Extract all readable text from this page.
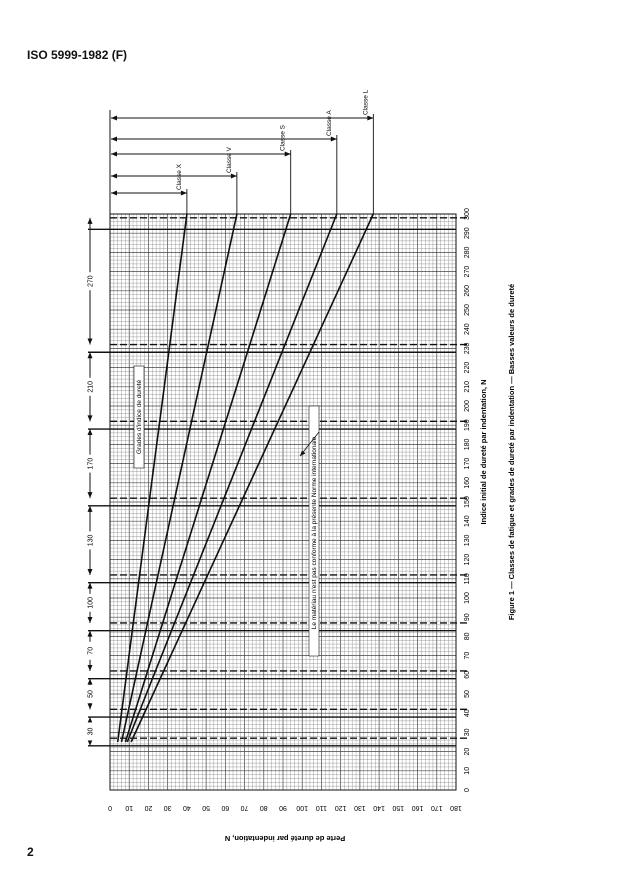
ISO 5999-1982 (F)
2
0 10 20 30 40 50 60 70 80 90 100 110 120 130 140 150 160 170 180
0
10
20
30
40
50
60
70
80
90
100
110
120
130
140
150
160
170
180
190
200
210
220
230
240
250
260
270
280
290
300
Classe X
Classe V
Classe S
Classe A
Classe L
30
50
70
100
130
170
210
270
Indice initial de dureté par indentation, N
Perte de dureté par indentation, N
Figure 1 — Classes de fatigue et grades de dureté par indentation — Basses valeurs de dureté
Grades d'indice de dureté
Le matériau n'est pas conforme à la présente Norme internationale
